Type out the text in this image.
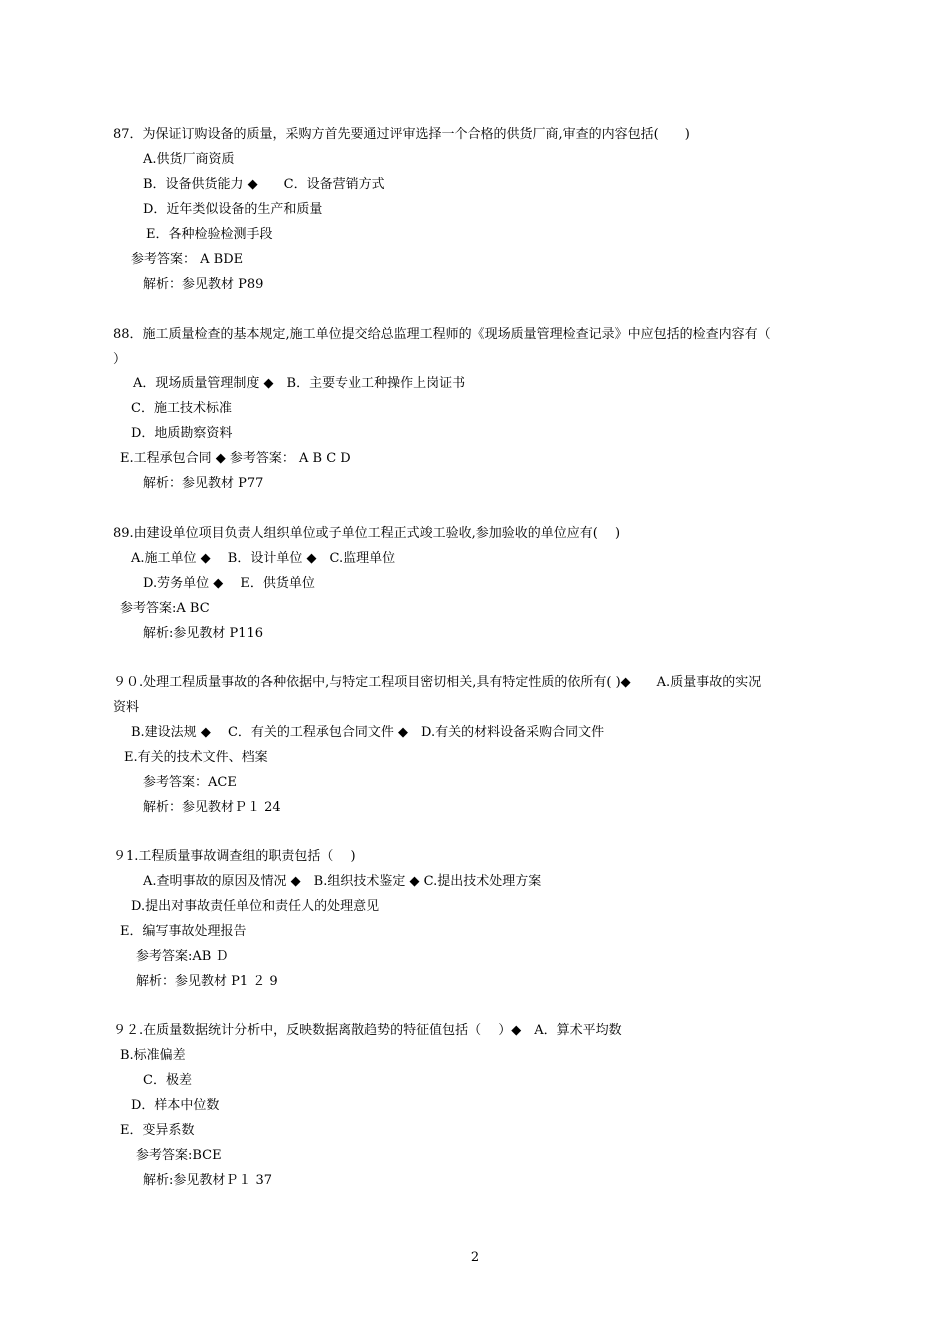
87．为保证订购设备的质量，采购方首先要通过评审选择一个合格的供货厂商,审查的内容包括(　　)
A.供货厂商资质
B．设备供货能力 ◆　　C．设备营销方式
D．近年类似设备的生产和质量
E．各种检验检测手段
参考答案： A BDE
解析：参见教材 P89
88．施工质量检查的基本规定,施工单位提交给总监理工程师的《现场质量管理检查记录》中应包括的检查内容有（
）
A．现场质量管理制度 ◆　B．主要专业工种操作上岗证书
C．施工技术标准
D．地质勘察资料
E.工程承包合同 ◆ 参考答案： A B C D
解析：参见教材 P77
89.由建设单位项目负责人组织单位或子单位工程正式竣工验收,参加验收的单位应有(　 )
A.施工单位 ◆　 B．设计单位 ◆　C.监理单位
D.劳务单位 ◆　 E．供货单位
参考答案:A BC
解析:参见教材 P116
９０.处理工程质量事故的各种依据中,与特定工程项目密切相关,具有特定性质的依所有( )◆　　A.质量事故的实况
资料
B.建设法规 ◆　 C．有关的工程承包合同文件 ◆　D.有关的材料设备采购合同文件
E.有关的技术文件、档案
参考答案：ACE
解析：参见教材Ｐ１ 24
９1.工程质量事故调查组的职责包括（　 )
A.查明事故的原因及情况 ◆　B.组织技术鉴定 ◆ C.提出技术处理方案
D.提出对事故责任单位和责任人的处理意见
E．编写事故处理报告
参考答案:AB Ｄ
解析：参见教材 P1 ２ 9
９２.在质量数据统计分析中，反映数据离散趋势的特征值包括（　 ）◆　A．算术平均数
B.标准偏差
C．极差
D．样本中位数
E．变异系数
参考答案:BCE
解析:参见教材Ｐ１ 37
2
